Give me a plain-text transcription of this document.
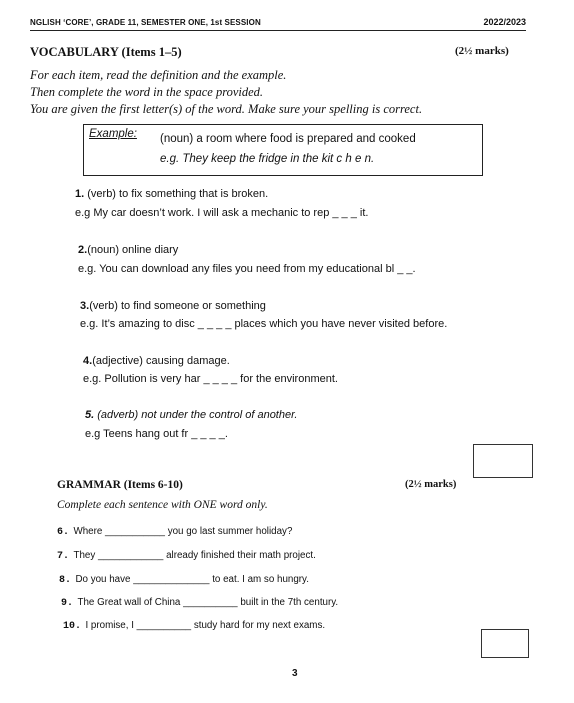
NGLISH ‘CORE’, GRADE 11, SEMESTER ONE, 1st SESSION	2022/2023
VOCABULARY (Items 1–5)	(2½ marks)
For each item, read the definition and the example.
Then complete the word in the space provided.
You are given the first letter(s) of the word. Make sure your spelling is correct.
Example: (noun) a room where food is prepared and cooked
e.g. They keep the fridge in the kit c h e n.
1. (verb) to fix something that is broken.
e.g My car doesn’t work. I will ask a mechanic to rep _ _ _ it.
2.(noun) online diary
e.g. You can download any files you need from my educational bl _ _.
3.(verb) to find someone or something
e.g. It’s amazing to disc _ _ _ _ places which you have never visited before.
4.(adjective) causing damage.
e.g. Pollution is very har _ _ _ _ for the environment.
5. (adverb) not under the control of another.
e.g Teens hang out fr _ _ _ _.
GRAMMAR (Items 6-10)	(2½ marks)
Complete each sentence with ONE word only.
6. Where ___________ you go last summer holiday?
7. They ____________ already finished their math project.
8. Do you have ______________ to eat. I am so hungry.
9. The Great wall of China __________ built in the 7th century.
10. I promise, I __________ study hard for my next exams.
3
